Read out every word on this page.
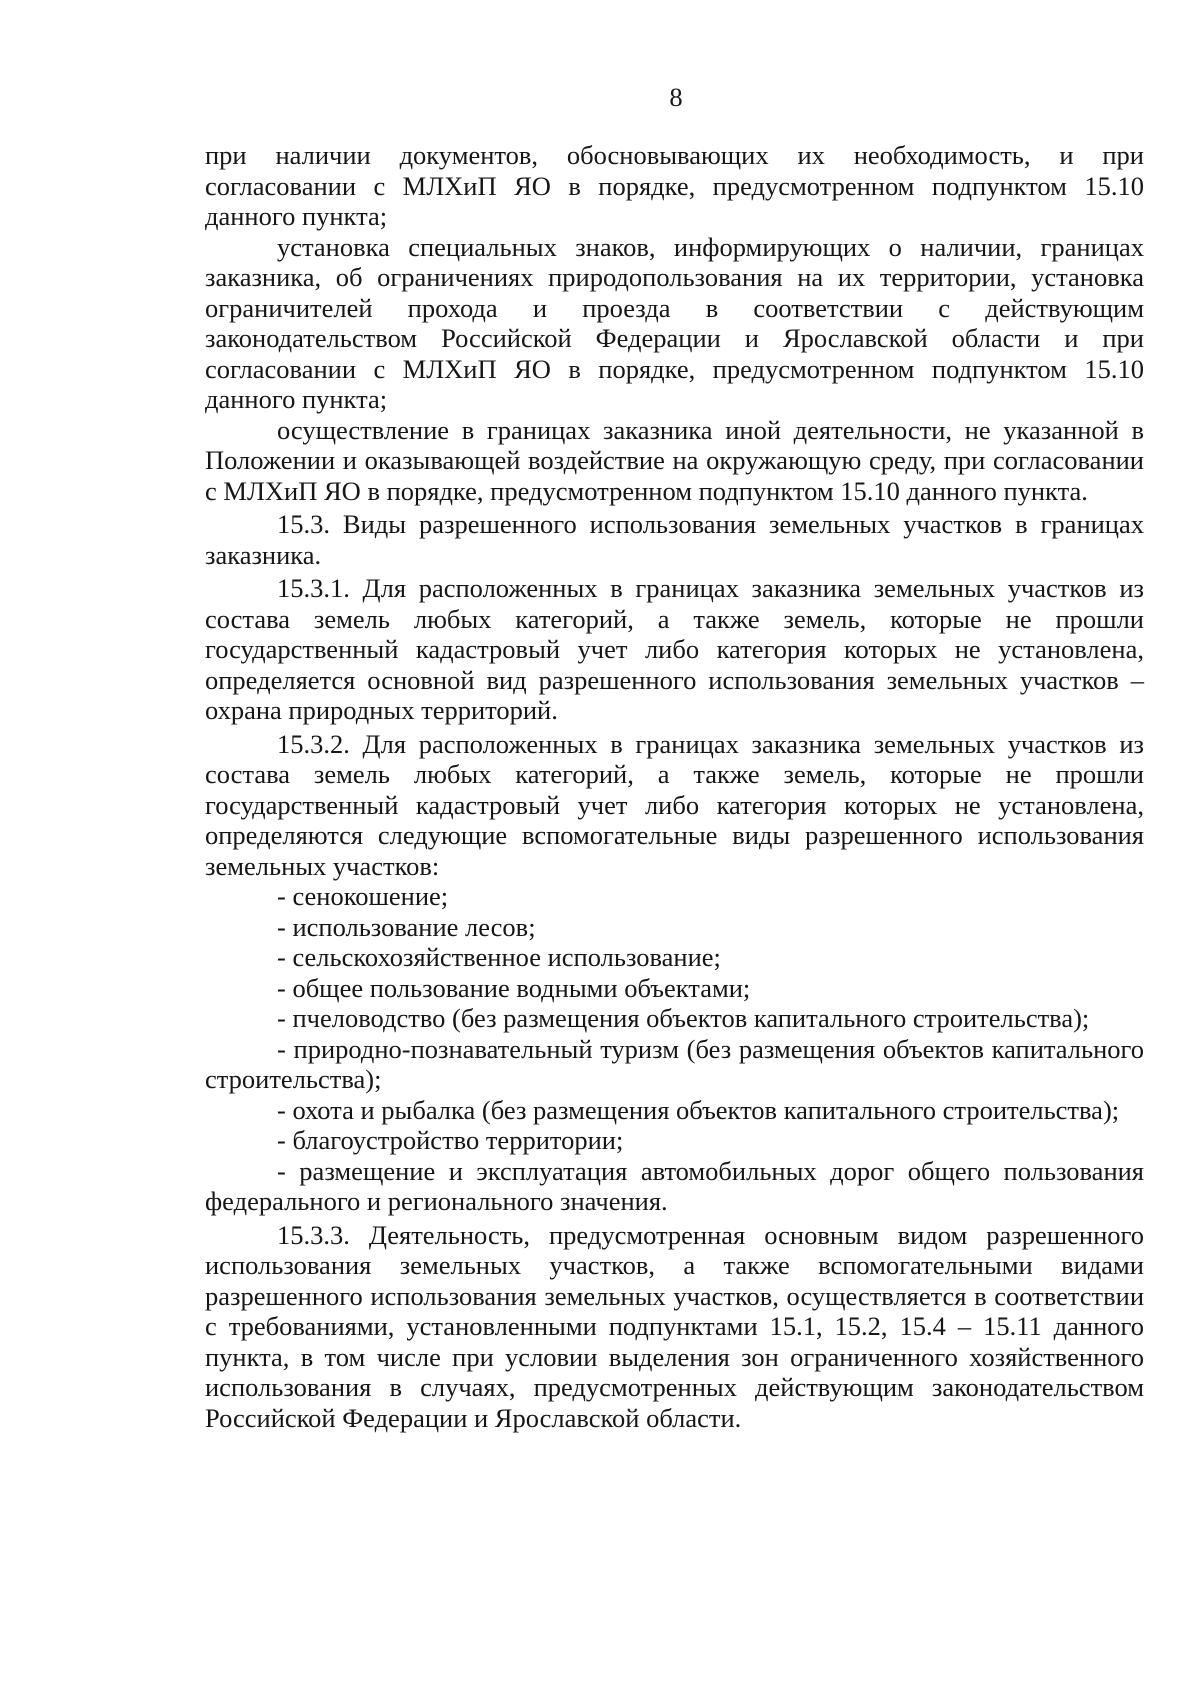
8

при наличии документов, обосновывающих их необходимость, и при согласовании с МЛХиП ЯО в порядке, предусмотренном подпунктом 15.10 данного пункта;

установка специальных знаков, информирующих о наличии, границах заказника, об ограничениях природопользования на их территории, установка ограничителей прохода и проезда в соответствии с действующим законодательством Российской Федерации и Ярославской области и при согласовании с МЛХиП ЯО в порядке, предусмотренном подпунктом 15.10 данного пункта;

осуществление в границах заказника иной деятельности, не указанной в Положении и оказывающей воздействие на окружающую среду, при согласовании с МЛХиП ЯО в порядке, предусмотренном подпунктом 15.10 данного пункта.

15.3. Виды разрешенного использования земельных участков в границах заказника.

15.3.1. Для расположенных в границах заказника земельных участков из состава земель любых категорий, а также земель, которые не прошли государственный кадастровый учет либо категория которых не установлена, определяется основной вид разрешенного использования земельных участков – охрана природных территорий.

15.3.2. Для расположенных в границах заказника земельных участков из состава земель любых категорий, а также земель, которые не прошли государственный кадастровый учет либо категория которых не установлена, определяются следующие вспомогательные виды разрешенного использования земельных участков:

- сенокошение;

- использование лесов;

- сельскохозяйственное использование;

- общее пользование водными объектами;

- пчеловодство (без размещения объектов капитального строительства);

- природно-познавательный туризм (без размещения объектов капитального строительства);

- охота и рыбалка (без размещения объектов капитального строительства);

- благоустройство территории;

- размещение и эксплуатация автомобильных дорог общего пользования федерального и регионального значения.

15.3.3. Деятельность, предусмотренная основным видом разрешенного использования земельных участков, а также вспомогательными видами разрешенного использования земельных участков, осуществляется в соответствии с требованиями, установленными подпунктами 15.1, 15.2, 15.4 – 15.11 данного пункта, в том числе при условии выделения зон ограниченного хозяйственного использования в случаях, предусмотренных действующим законодательством Российской Федерации и Ярославской области.
